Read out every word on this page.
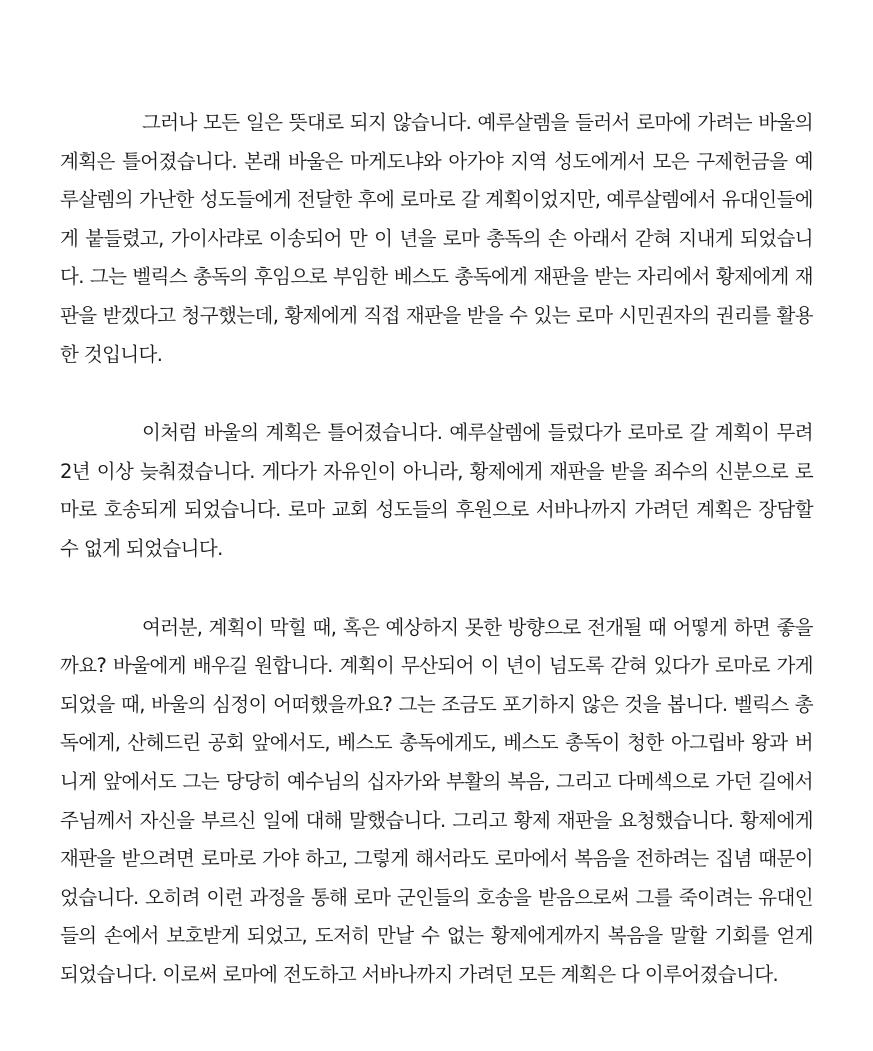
그러나 모든 일은 뜻대로 되지 않습니다. 예루살렘을 들러서 로마에 가려는 바울의 계획은 틀어졌습니다. 본래 바울은 마게도냐와 아가야 지역 성도에게서 모은 구제헌금을 예루살렘의 가난한 성도들에게 전달한 후에 로마로 갈 계획이었지만, 예루살렘에서 유대인들에게 붙들렸고, 가이사랴로 이송되어 만 이 년을 로마 총독의 손 아래서 갇혀 지내게 되었습니다. 그는 벨릭스 총독의 후임으로 부임한 베스도 총독에게 재판을 받는 자리에서 황제에게 재판을 받겠다고 청구했는데, 황제에게 직접 재판을 받을 수 있는 로마 시민권자의 권리를 활용한 것입니다.

이처럼 바울의 계획은 틀어졌습니다. 예루살렘에 들렀다가 로마로 갈 계획이 무려 2년 이상 늦춰졌습니다. 게다가 자유인이 아니라, 황제에게 재판을 받을 죄수의 신분으로 로마로 호송되게 되었습니다. 로마 교회 성도들의 후원으로 서바나까지 가려던 계획은 장담할 수 없게 되었습니다.

여러분, 계획이 막힐 때, 혹은 예상하지 못한 방향으로 전개될 때 어떻게 하면 좋을까요? 바울에게 배우길 원합니다. 계획이 무산되어 이 년이 넘도록 갇혀 있다가 로마로 가게 되었을 때, 바울의 심정이 어떠했을까요? 그는 조금도 포기하지 않은 것을 봅니다. 벨릭스 총독에게, 산헤드린 공회 앞에서도, 베스도 총독에게도, 베스도 총독이 청한 아그립바 왕과 버니게 앞에서도 그는 당당히 예수님의 십자가와 부활의 복음, 그리고 다메섹으로 가던 길에서 주님께서 자신을 부르신 일에 대해 말했습니다. 그리고 황제 재판을 요청했습니다. 황제에게 재판을 받으려면 로마로 가야 하고, 그렇게 해서라도 로마에서 복음을 전하려는 집념 때문이었습니다. 오히려 이런 과정을 통해 로마 군인들의 호송을 받음으로써 그를 죽이려는 유대인들의 손에서 보호받게 되었고, 도저히 만날 수 없는 황제에게까지 복음을 말할 기회를 얻게 되었습니다. 이로써 로마에 전도하고 서바나까지 가려던 모든 계획은 다 이루어졌습니다.
